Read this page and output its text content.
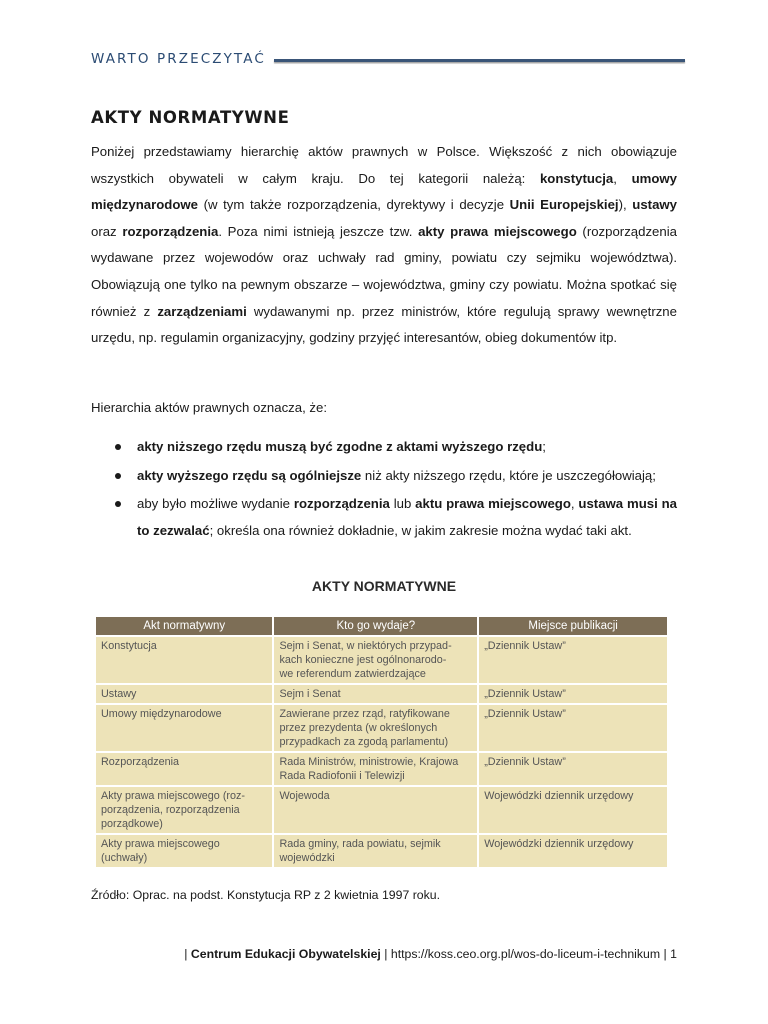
WARTO PRZECZYTAĆ
AKTY NORMATYWNE

Poniżej przedstawiamy hierarchię aktów prawnych w Polsce. Większość z nich obowiązuje wszystkich obywateli w całym kraju. Do tej kategorii należą: konstytucja, umowy międzynarodowe (w tym także rozporządzenia, dyrektywy i decyzje Unii Europejskiej), ustawy oraz rozporządzenia. Poza nimi istnieją jeszcze tzw. akty prawa miejscowego (rozporządzenia wydawane przez wojewodów oraz uchwały rad gminy, powiatu czy sejmiku województwa). Obowiązują one tylko na pewnym obszarze – województwa, gminy czy powiatu. Można spotkać się również z zarządzeniami wydawanymi np. przez ministrów, które regulują sprawy wewnętrzne urzędu, np. regulamin organizacyjny, godziny przyjęć interesantów, obieg dokumentów itp.

Hierarchia aktów prawnych oznacza, że:

akty niższego rzędu muszą być zgodne z aktami wyższego rzędu;
akty wyższego rzędu są ogólniejsze niż akty niższego rzędu, które je uszczegółowiają;
aby było możliwe wydanie rozporządzenia lub aktu prawa miejscowego, ustawa musi na to zezwalać; określa ona również dokładnie, w jakim zakresie można wydać taki akt.
AKTY NORMATYWNE
Akt normatywny	Kto go wydaje?	Miejsce publikacji
Konstytucja	Sejm i Senat, w niektórych przypad-
kach konieczne jest ogólnonarodo-
we referendum zatwierdzające	„Dziennik Ustaw”
Ustawy	Sejm i Senat	„Dziennik Ustaw”
Umowy międzynarodowe	Zawierane przez rząd, ratyfikowane
przez prezydenta (w określonych
przypadkach za zgodą parlamentu)	„Dziennik Ustaw”
Rozporządzenia	Rada Ministrów, ministrowie, Krajowa
Rada Radiofonii i Telewizji	„Dziennik Ustaw”
Akty prawa miejscowego (roz-
porządzenia, rozporządzenia
porządkowe)	Wojewoda	Wojewódzki dziennik urzędowy
Akty prawa miejscowego
(uchwały)	Rada gminy, rada powiatu, sejmik
wojewódzki	Wojewódzki dziennik urzędowy

Źródło: Oprac. na podst. Konstytucja RP z 2 kwietnia 1997 roku.

| Centrum Edukacji Obywatelskiej | https://koss.ceo.org.pl/wos-do-liceum-i-technikum | 1
